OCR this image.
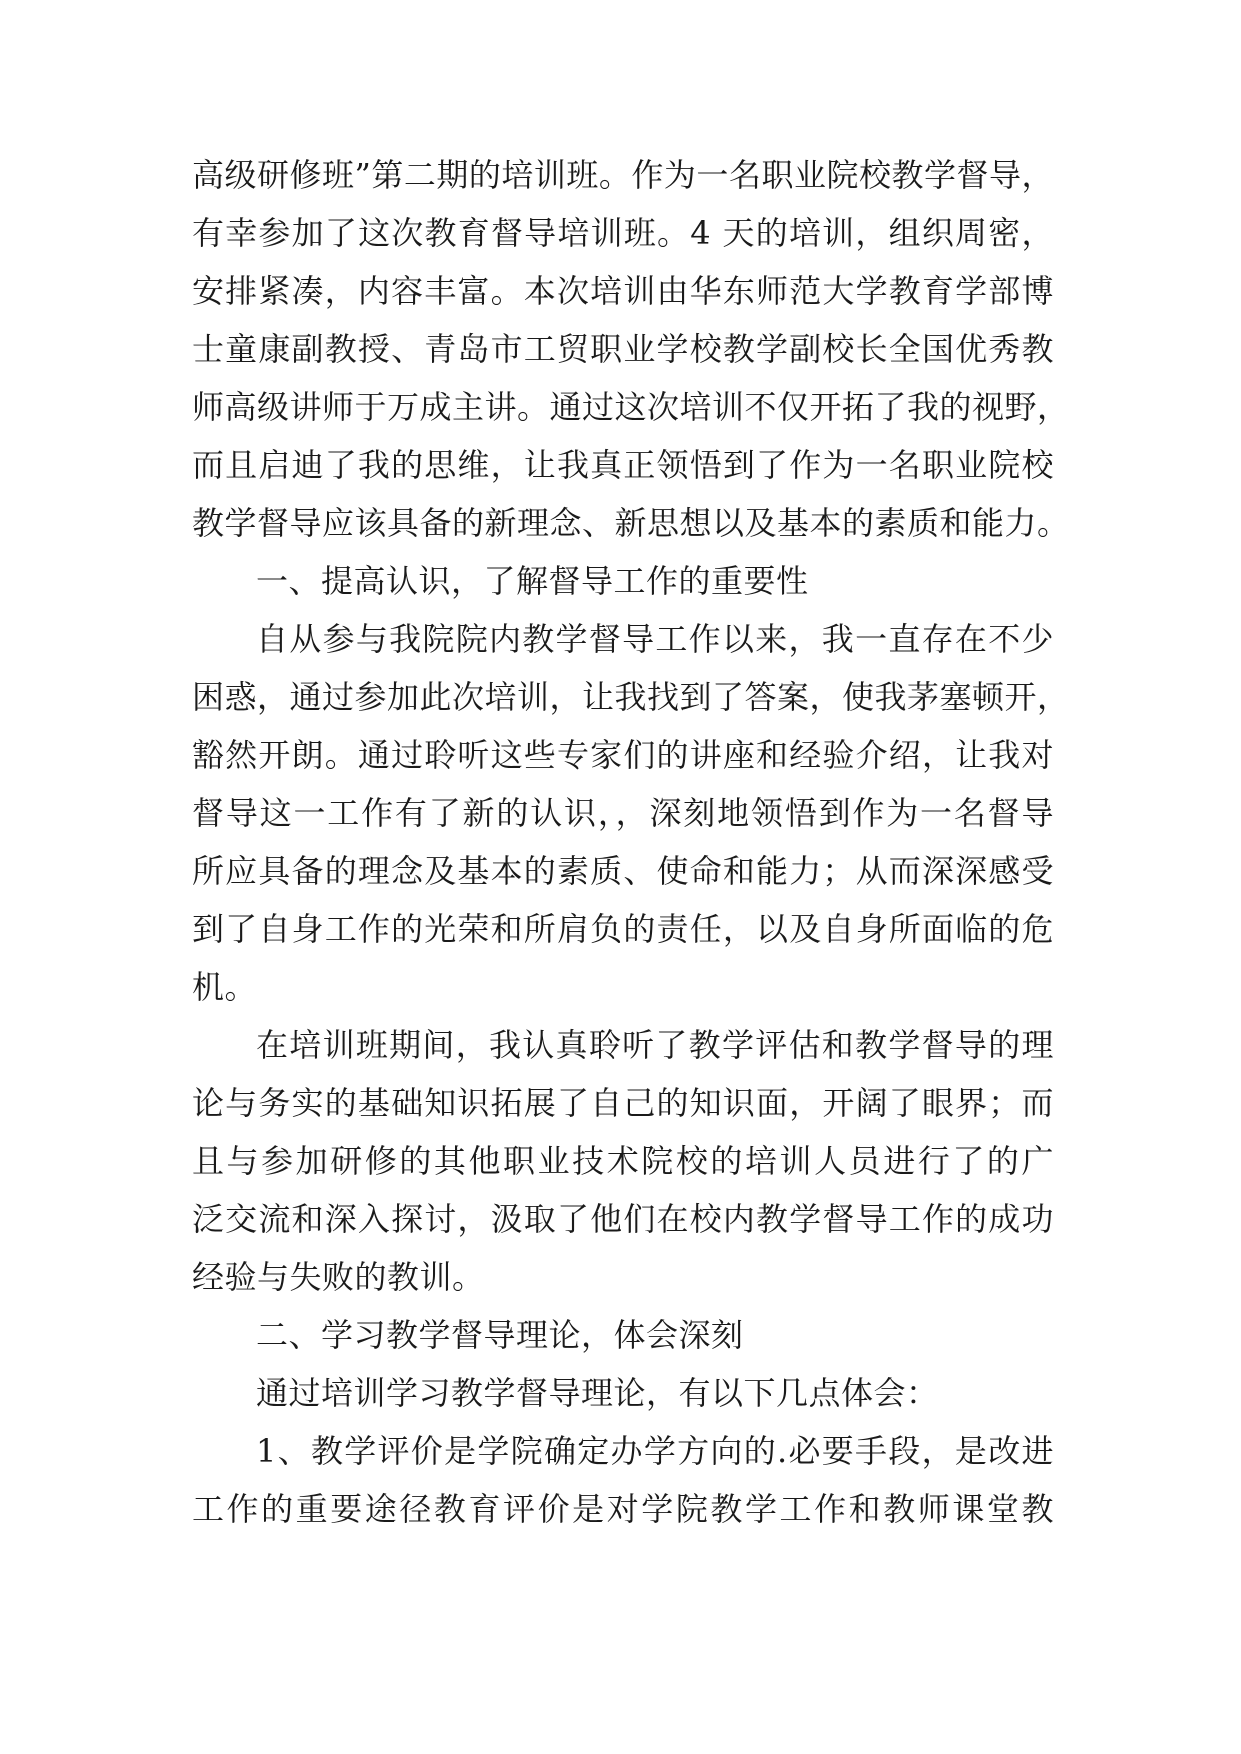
高级研修班”第二期的培训班。作为一名职业院校教学督导，
有幸参加了这次教育督导培训班。4 天的培训，组织周密，
安排紧凑，内容丰富。本次培训由华东师范大学教育学部博
士童康副教授、青岛市工贸职业学校教学副校长全国优秀教
师高级讲师于万成主讲。通过这次培训不仅开拓了我的视野，
而且启迪了我的思维，让我真正领悟到了作为一名职业院校
教学督导应该具备的新理念、新思想以及基本的素质和能力。
一、提高认识，了解督导工作的重要性
自从参与我院院内教学督导工作以来，我一直存在不少
困惑，通过参加此次培训，让我找到了答案，使我茅塞顿开，
豁然开朗。通过聆听这些专家们的讲座和经验介绍，让我对
督导这一工作有了新的认识，，深刻地领悟到作为一名督导
所应具备的理念及基本的素质、使命和能力；从而深深感受
到了自身工作的光荣和所肩负的责任，以及自身所面临的危
机。
在培训班期间，我认真聆听了教学评估和教学督导的理
论与务实的基础知识拓展了自己的知识面，开阔了眼界；而
且与参加研修的其他职业技术院校的培训人员进行了的广
泛交流和深入探讨，汲取了他们在校内教学督导工作的成功
经验与失败的教训。
二、学习教学督导理论，体会深刻
通过培训学习教学督导理论，有以下几点体会：
1、教学评价是学院确定办学方向的.必要手段，是改进
工作的重要途径教育评价是对学院教学工作和教师课堂教
